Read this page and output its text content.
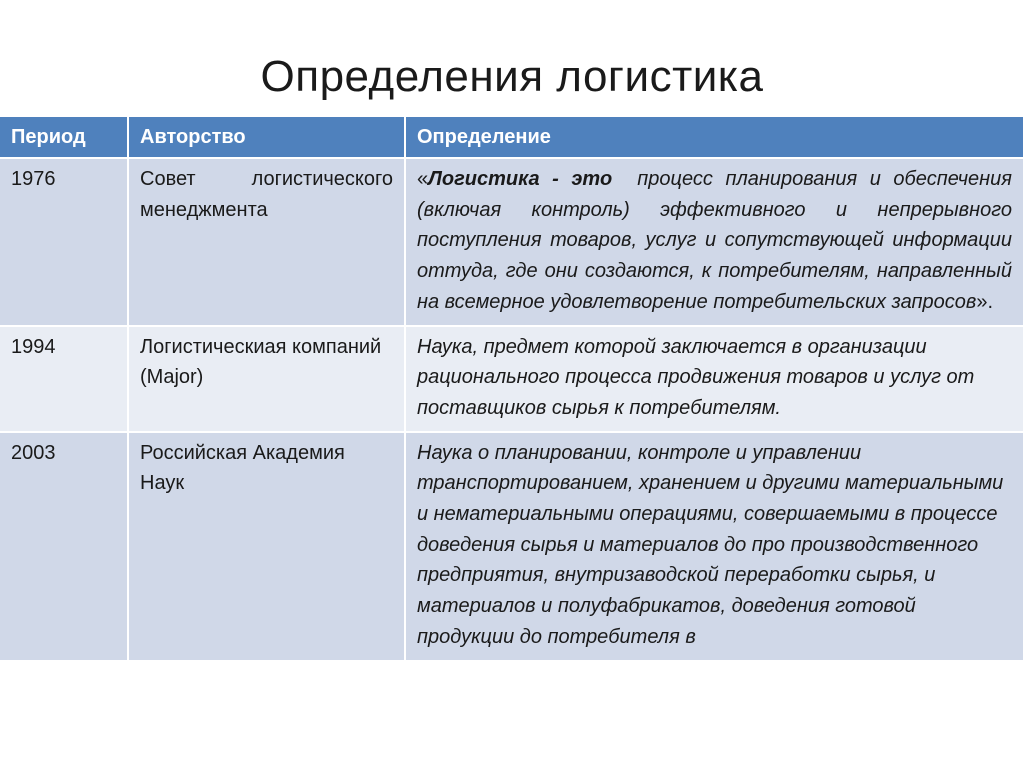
Определения логистика
Период	Авторство	Определение
1976	Совет логистического менеджмента	«Логистика - это  процесс планирования и обеспечения (включая контроль) эффективного и непрерывного поступления товаров, услуг и сопутствующей информации оттуда, где они создаются, к потребителям, направленный на всемерное удовлетворение потребительских запросов».
1994	Логистическиая компаний (Major)	Наука, предмет которой заключается в организации рационального процесса продвижения товаров и услуг от поставщиков сырья к потребителям.
2003	Российская Академия Наук	Наука о планировании, контроле и управлении транспортированием, хранением и другими материальными и нематериальными операциями, совершаемыми в процессе доведения сырья и материалов до про производственного предприятия, внутризаводской переработки сырья, и материалов и полуфабрикатов, доведения готовой продукции до потребителя в
